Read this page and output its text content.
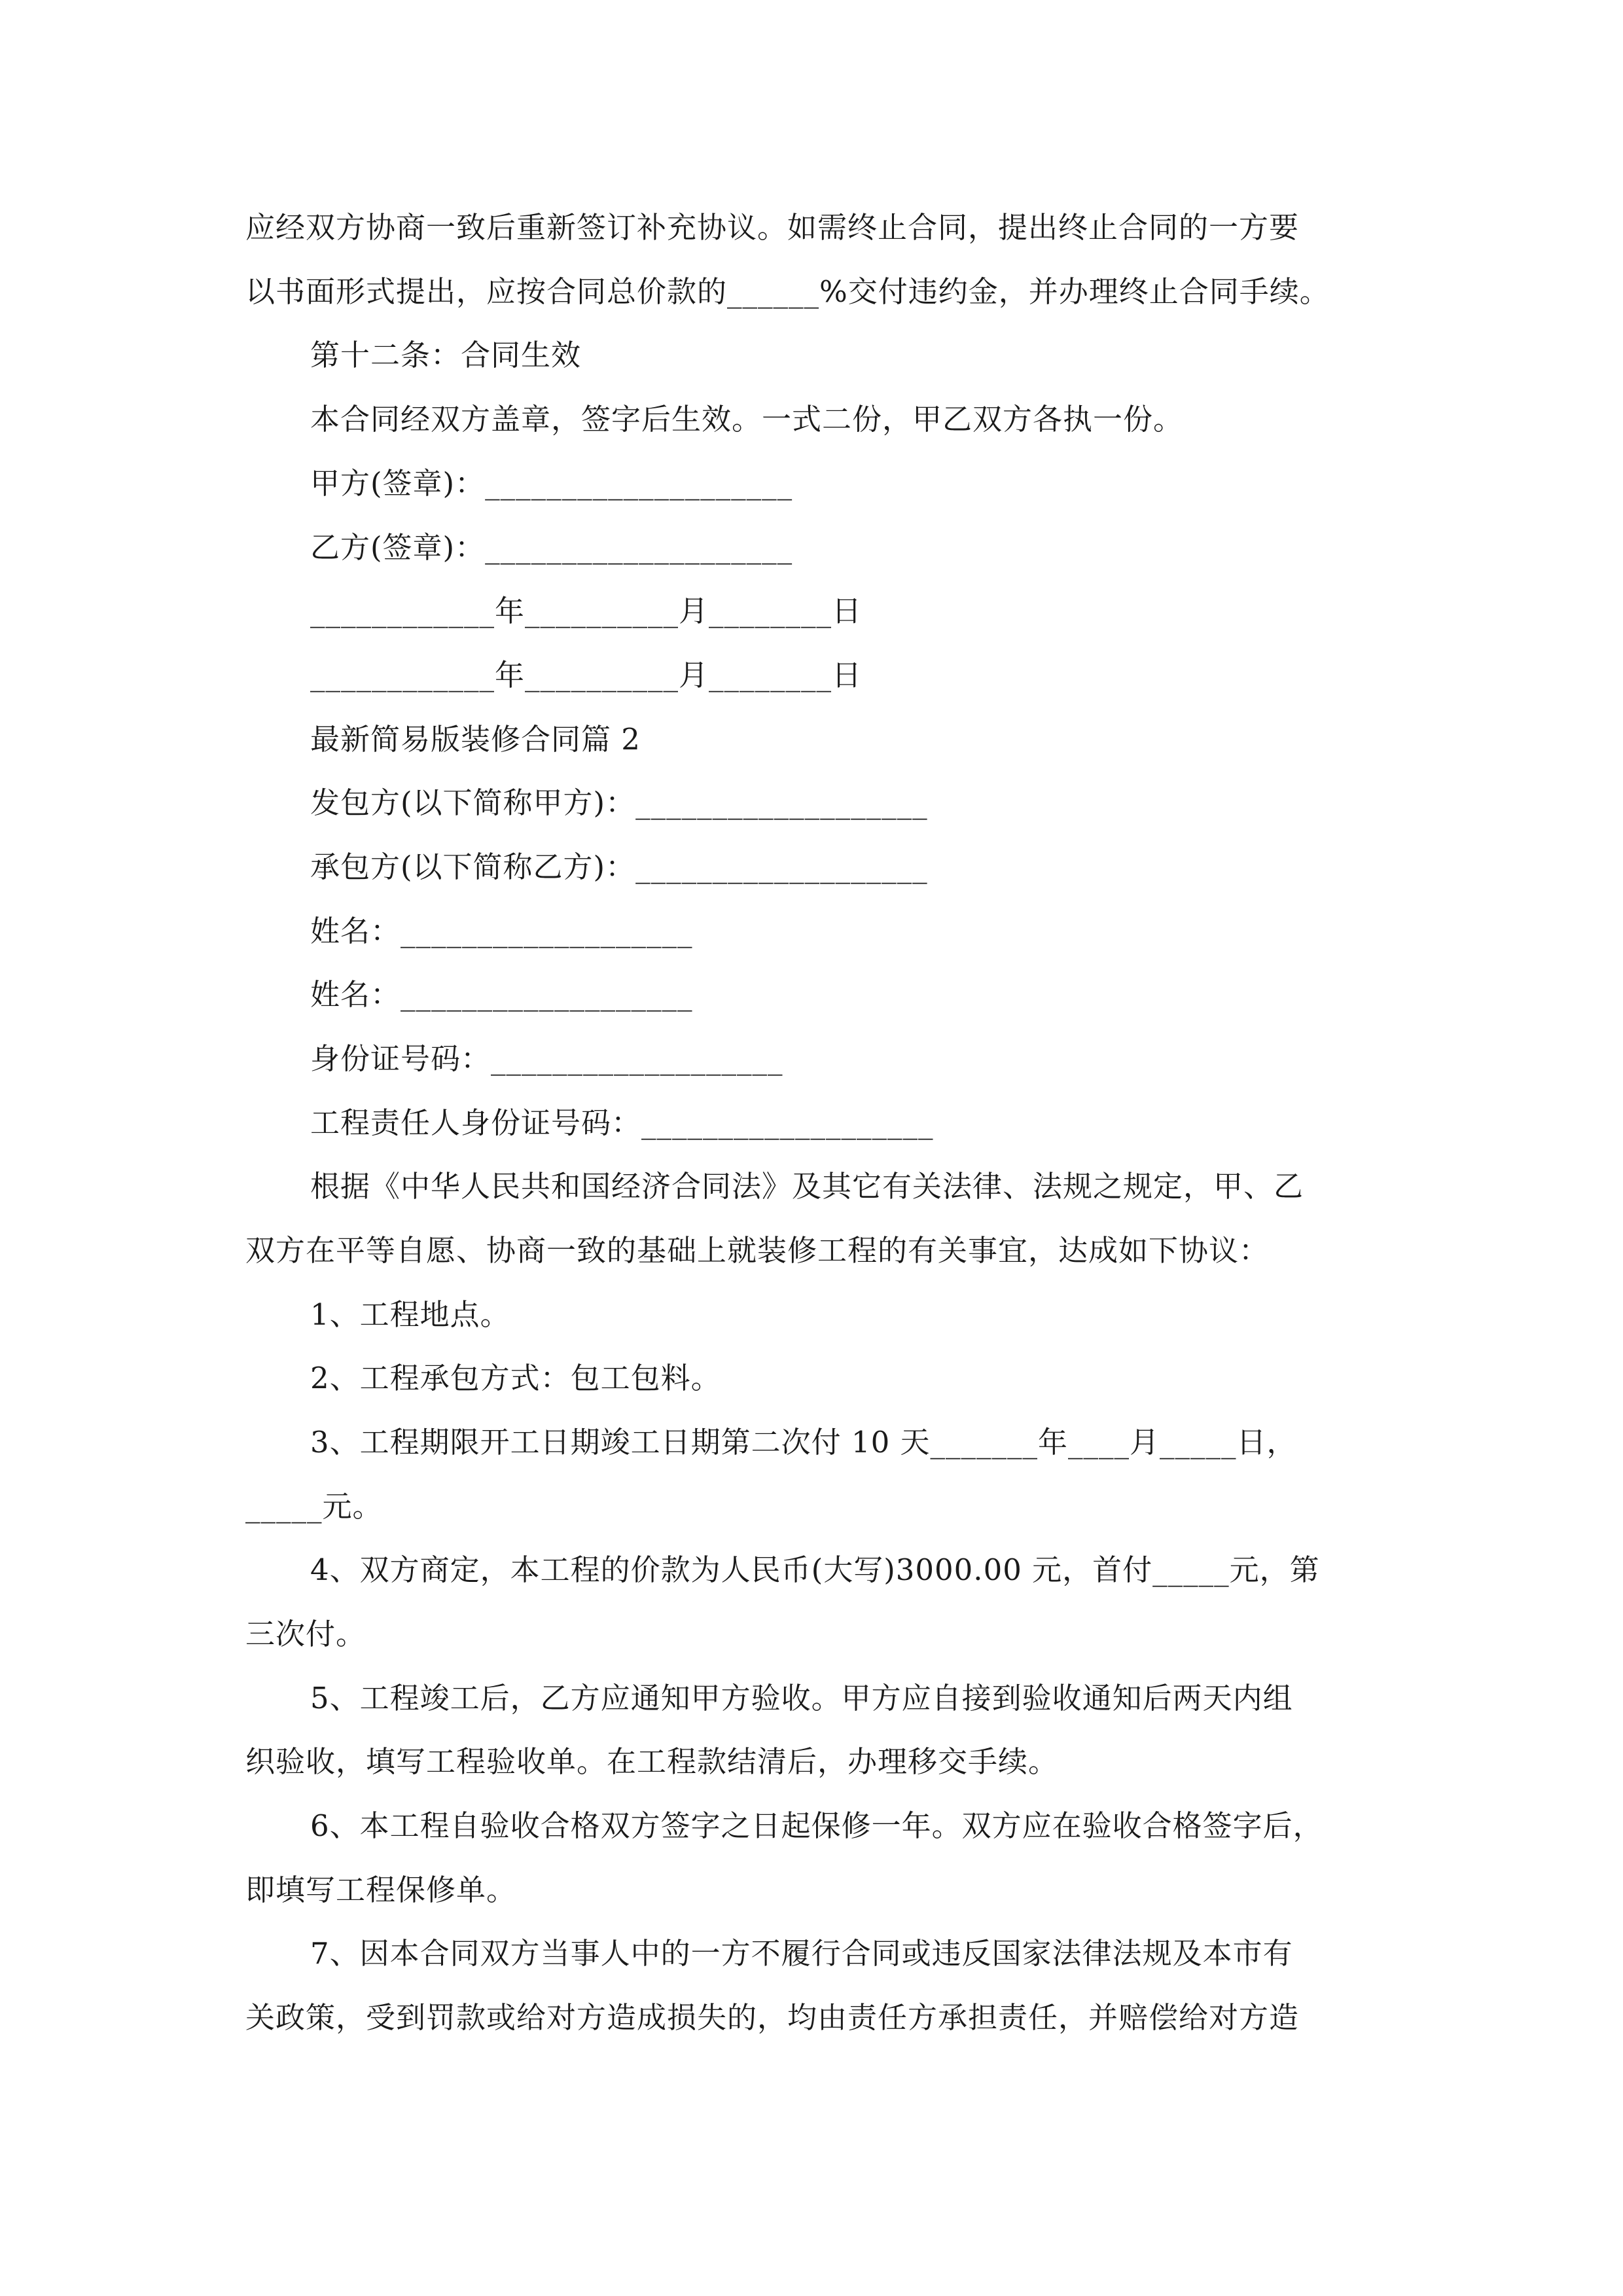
应经双方协商一致后重新签订补充协议。如需终止合同，提出终止合同的一方要
以书面形式提出，应按合同总价款的______%交付违约金，并办理终止合同手续。
第十二条：合同生效
本合同经双方盖章，签字后生效。一式二份，甲乙双方各执一份。
甲方(签章)：____________________
乙方(签章)：____________________
____________年__________月________日
____________年__________月________日
最新简易版装修合同篇 2
发包方(以下简称甲方)：___________________
承包方(以下简称乙方)：___________________
姓名：___________________
姓名：___________________
身份证号码：___________________
工程责任人身份证号码：___________________
根据《中华人民共和国经济合同法》及其它有关法律、法规之规定，甲、乙
双方在平等自愿、协商一致的基础上就装修工程的有关事宜，达成如下协议：
1、工程地点。
2、工程承包方式：包工包料。
3、工程期限开工日期竣工日期第二次付 10 天_______年____月_____日，
_____元。
4、双方商定，本工程的价款为人民币(大写)3000.00 元，首付_____元，第
三次付。
5、工程竣工后，乙方应通知甲方验收。甲方应自接到验收通知后两天内组
织验收，填写工程验收单。在工程款结清后，办理移交手续。
6、本工程自验收合格双方签字之日起保修一年。双方应在验收合格签字后，
即填写工程保修单。
7、因本合同双方当事人中的一方不履行合同或违反国家法律法规及本市有
关政策，受到罚款或给对方造成损失的，均由责任方承担责任，并赔偿给对方造
